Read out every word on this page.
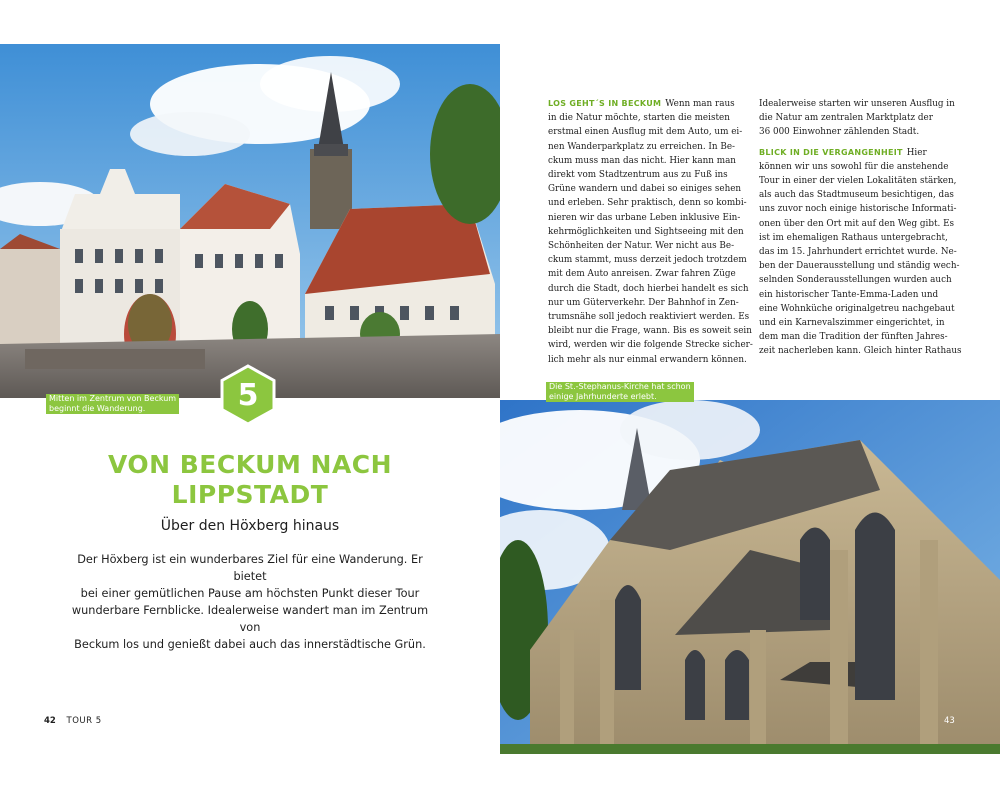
Mitten im Zentrum von Beckum
beginnt die Wanderung.	5
VON BECKUM NACH
LIPPSTADT
Über den Höxberg hinaus
Der Höxberg ist ein wunderbares Ziel für eine Wanderung. Er bietet
bei einer gemütlichen Pause am höchsten Punkt dieser Tour
wunderbare Fernblicke. Idealerweise wandert man im Zentrum von
Beckum los und genießt dabei auch das innerstädtische Grün.
42 TOUR 5
LOS GEHT´S IN BECKUM Wenn man raus
in die Natur möchte, starten die meisten
erstmal einen Ausflug mit dem Auto, um ei-
nen Wanderparkplatz zu erreichen. In Be-
ckum muss man das nicht. Hier kann man
direkt vom Stadtzentrum aus zu Fuß ins
Grüne wandern und dabei so einiges sehen
und erleben. Sehr praktisch, denn so kombi-
nieren wir das urbane Leben inklusive Ein-
kehrmöglichkeiten und Sightseeing mit den
Schönheiten der Natur. Wer nicht aus Be-
ckum stammt, muss derzeit jedoch trotzdem
mit dem Auto anreisen. Zwar fahren Züge
durch die Stadt, doch hierbei handelt es sich
nur um Güterverkehr. Der Bahnhof in Zen-
trumsnähe soll jedoch reaktiviert werden. Es
bleibt nur die Frage, wann. Bis es soweit sein
wird, werden wir die folgende Strecke sicher-
lich mehr als nur einmal erwandern können.
Idealerweise starten wir unseren Ausflug in
die Natur am zentralen Marktplatz der
36 000 Einwohner zählenden Stadt.
BLICK IN DIE VERGANGENHEIT Hier
können wir uns sowohl für die anstehende
Tour in einer der vielen Lokalitäten stärken,
als auch das Stadtmuseum besichtigen, das
uns zuvor noch einige historische Informati-
onen über den Ort mit auf den Weg gibt. Es
ist im ehemaligen Rathaus untergebracht,
das im 15. Jahrhundert errichtet wurde. Ne-
ben der Dauerausstellung und ständig wech-
selnden Sonderausstellungen wurden auch
ein historischer Tante-Emma-Laden und
eine Wohnküche originalgetreu nachgebaut
und ein Karnevalszimmer eingerichtet, in
dem man die Tradition der fünften Jahres-
zeit nacherleben kann. Gleich hinter Rathaus
Die St.-Stephanus-Kirche hat schon
einige Jahrhunderte erlebt.
43
